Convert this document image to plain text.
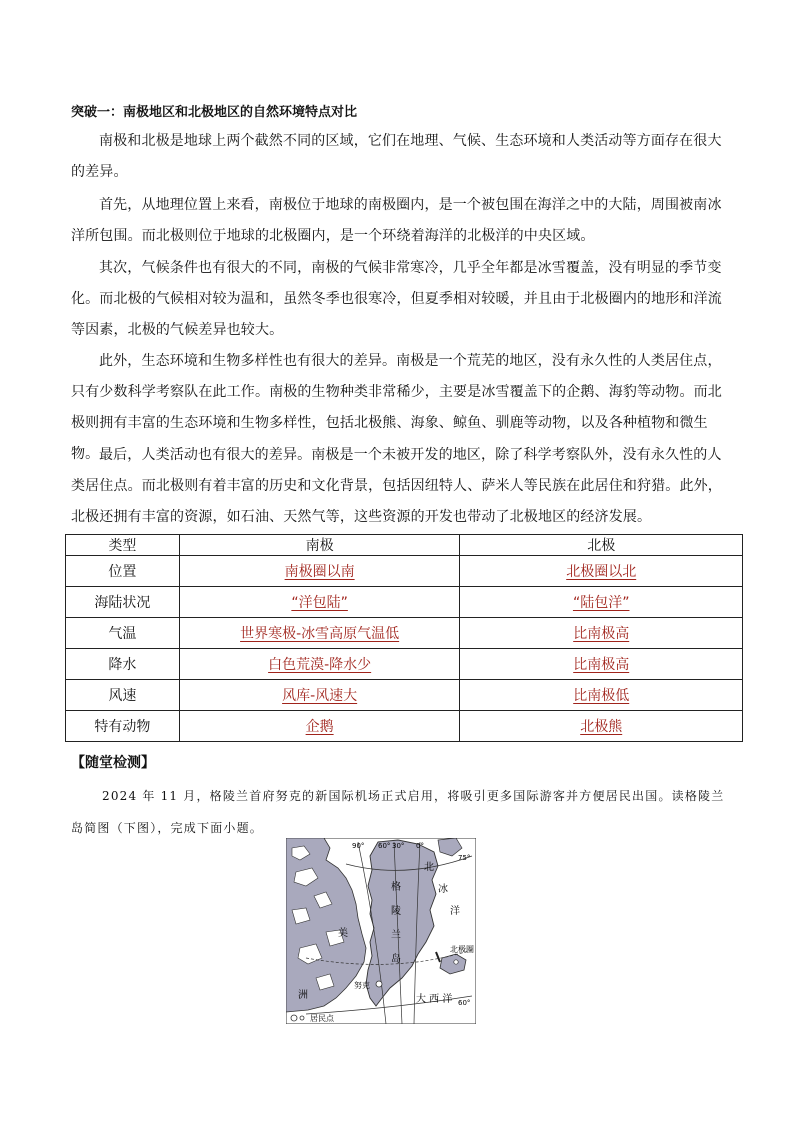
突破一：南极地区和北极地区的自然环境特点对比

南极和北极是地球上两个截然不同的区域，它们在地理、气候、生态环境和人类活动等方面存在很大的差异。

首先，从地理位置上来看，南极位于地球的南极圈内，是一个被包围在海洋之中的大陆，周围被南冰洋所包围。而北极则位于地球的北极圈内，是一个环绕着海洋的北极洋的中央区域。

其次，气候条件也有很大的不同，南极的气候非常寒冷，几乎全年都是冰雪覆盖，没有明显的季节变化。而北极的气候相对较为温和，虽然冬季也很寒冷，但夏季相对较暖，并且由于北极圈内的地形和洋流等因素，北极的气候差异也较大。

此外，生态环境和生物多样性也有很大的差异。南极是一个荒芜的地区，没有永久性的人类居住点，只有少数科学考察队在此工作。南极的生物种类非常稀少，主要是冰雪覆盖下的企鹅、海豹等动物。而北极则拥有丰富的生态环境和生物多样性，包括北极熊、海象、鲸鱼、驯鹿等动物，以及各种植物和微生物。 最后，人类活动也有很大的差异。南极是一个未被开发的地区，除了科学考察队外，没有永久性的人类居住点。而北极则有着丰富的历史和文化背景，包括因纽特人、萨米人等民族在此居住和狩猎。此外，北极还拥有丰富的资源，如石油、天然气等，这些资源的开发也带动了北极地区的经济发展。

类型	南极	北极
位置	南极圈以南	北极圈以北
海陆状况	“洋包陆”	“陆包洋”
气温	世界寒极-冰雪高原气温低	比南极高
降水	白色荒漠-降水少	比南极高
风速	风库-风速大	比南极低
特有动物	企鹅	北极熊
【随堂检测】

2024 年 11 月，格陵兰首府努克的新国际机场正式启用，将吸引更多国际游客并方便居民出国。读格陵兰岛简图（下图），完成下面小题。

90° 60° 30° 0°
75°
60°
格
陵
兰
岛
北
冰
洋
大 西 洋
美
洲
北极圈
努克
居民点
